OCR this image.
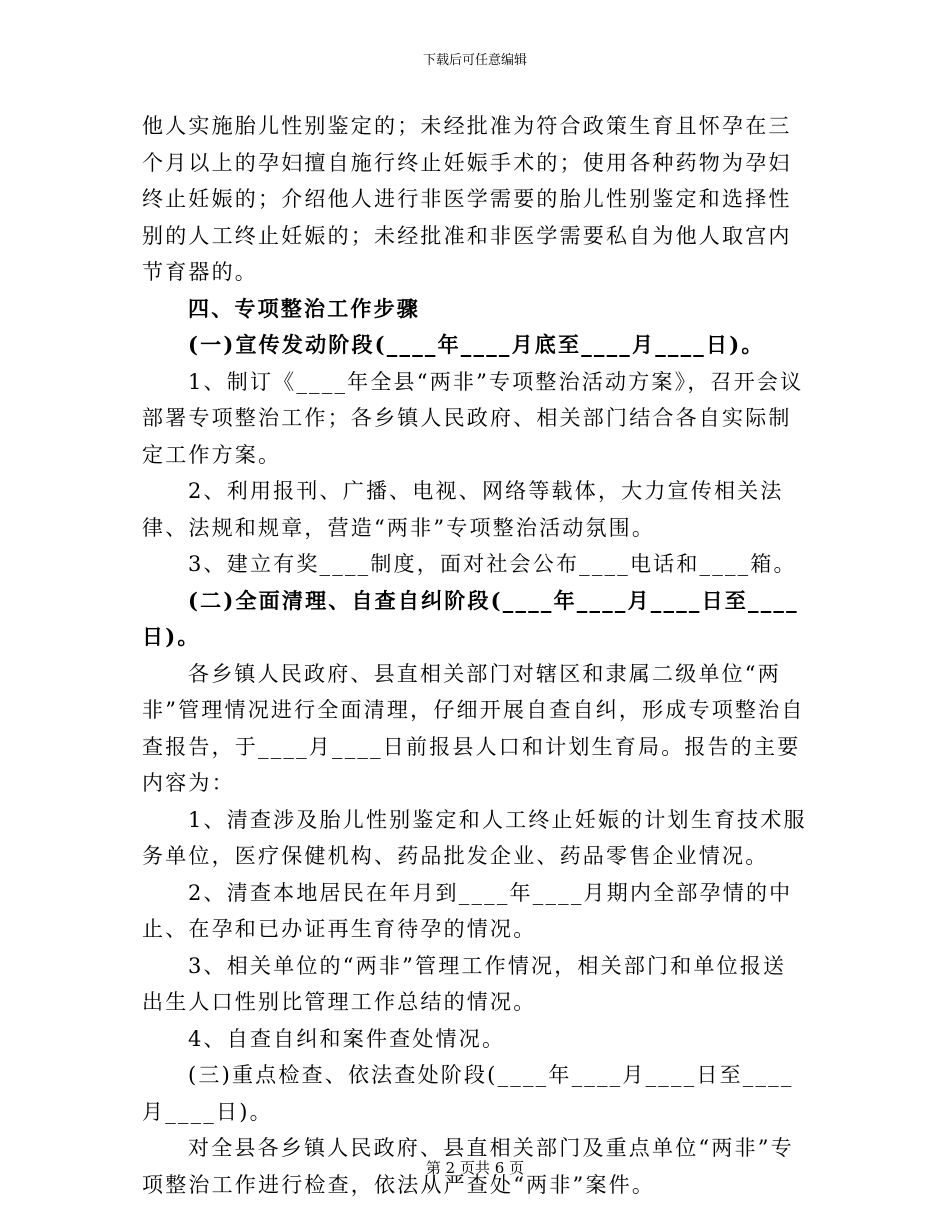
下载后可任意编辑

他人实施胎儿性别鉴定的；未经批准为符合政策生育且怀孕在三个月以上的孕妇擅自施行终止妊娠手术的；使用各种药物为孕妇终止妊娠的；介绍他人进行非医学需要的胎儿性别鉴定和选择性别的人工终止妊娠的；未经批准和非医学需要私自为他人取宫内节育器的。

四、专项整治工作步骤

(一)宣传发动阶段(____年____月底至____月____日)。

1、制订《____年全县“两非”专项整治活动方案》，召开会议部署专项整治工作；各乡镇人民政府、相关部门结合各自实际制定工作方案。

2、利用报刊、广播、电视、网络等载体，大力宣传相关法律、法规和规章，营造“两非”专项整治活动氛围。

3、建立有奖____制度，面对社会公布____电话和____箱。

(二)全面清理、自查自纠阶段(____年____月____日至____日)。

各乡镇人民政府、县直相关部门对辖区和隶属二级单位“两非”管理情况进行全面清理，仔细开展自查自纠，形成专项整治自查报告，于____月____日前报县人口和计划生育局。报告的主要内容为：

1、清查涉及胎儿性别鉴定和人工终止妊娠的计划生育技术服务单位，医疗保健机构、药品批发企业、药品零售企业情况。

2、清查本地居民在年月到____年____月期内全部孕情的中止、在孕和已办证再生育待孕的情况。

3、相关单位的“两非”管理工作情况，相关部门和单位报送出生人口性别比管理工作总结的情况。

4、自查自纠和案件查处情况。

(三)重点检查、依法查处阶段(____年____月____日至____月____日)。

对全县各乡镇人民政府、县直相关部门及重点单位“两非”专项整治工作进行检查，依法从严查处“两非”案件。

第 2 页共 6 页
